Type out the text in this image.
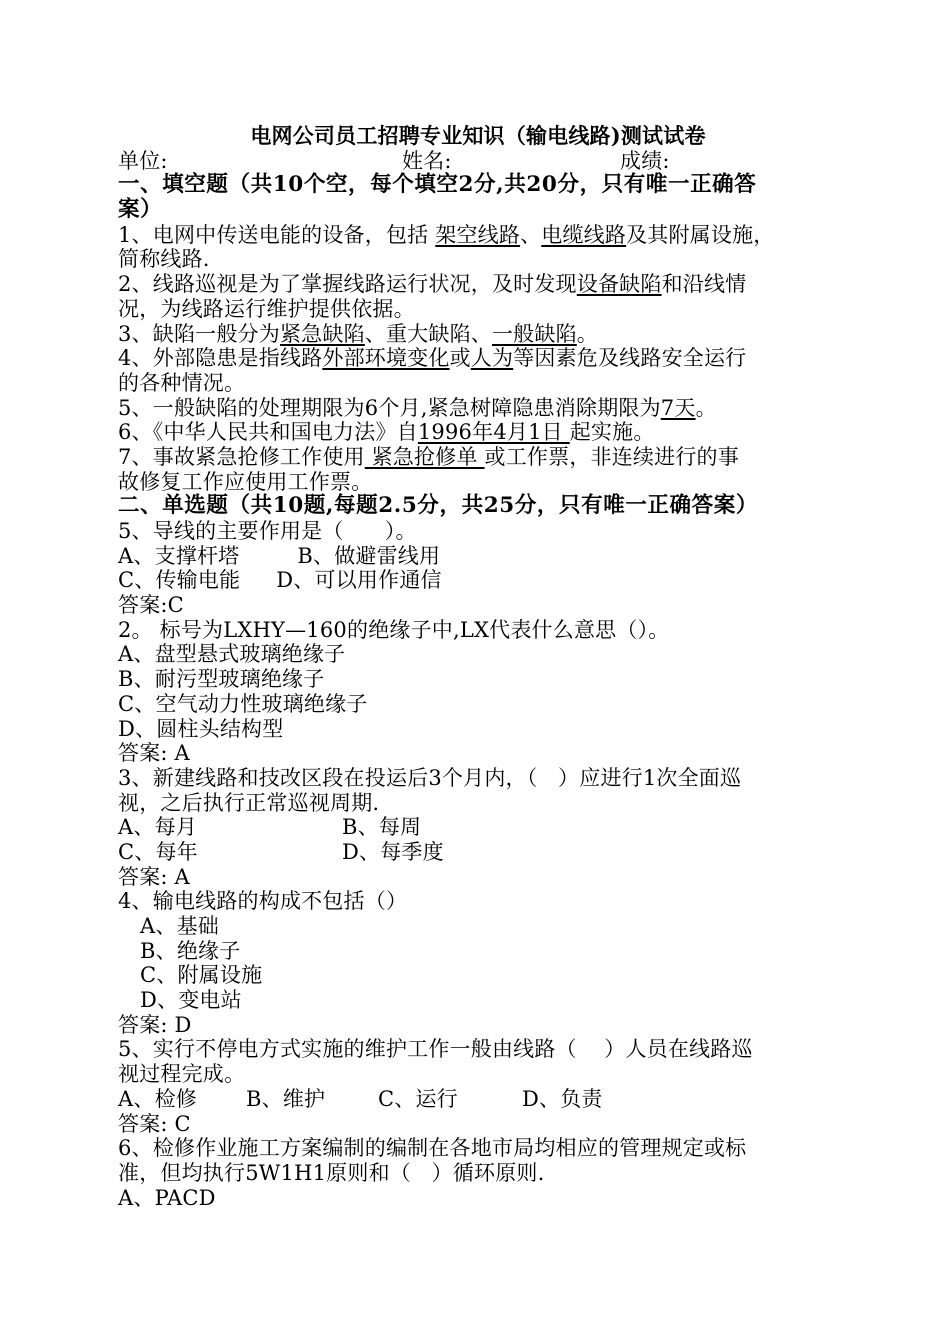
电网公司员工招聘专业知识（输电线路)测试试卷
单位:	姓名:	成绩:
一、填空题（共10个空，每个填空2分,共20分，只有唯一正确答
案）
1、电网中传送电能的设备，包括 架空线路、电缆线路及其附属设施，
简称线路.
2、线路巡视是为了掌握线路运行状况，及时发现设备缺陷和沿线情
况，为线路运行维护提供依据。
3、缺陷一般分为紧急缺陷、重大缺陷、一般缺陷。
4、外部隐患是指线路外部环境变化或人为等因素危及线路安全运行
的各种情况。
5、一般缺陷的处理期限为6个月,紧急树障隐患消除期限为7天。
6、《中华人民共和国电力法》自1996年4月1日 起实施。
7、事故紧急抢修工作使用 紧急抢修单 或工作票，非连续进行的事
故修复工作应使用工作票。
二、单选题（共10题,每题2.5分，共25分，只有唯一正确答案）
5、导线的主要作用是（      ）。
A、支撑杆塔	B、做避雷线用
C、传输电能 D、可以用作通信
答案:C
2。 标号为LXHY—160的绝缘子中,LX代表什么意思（）。
A、盘型悬式玻璃绝缘子
B、耐污型玻璃绝缘子
C、空气动力性玻璃绝缘子
D、圆柱头结构型
答案: A
3、新建线路和技改区段在投运后3个月内，（   ）应进行1次全面巡
视，之后执行正常巡视周期.
A、每月	B、每周
C、每年	D、每季度
答案: A
4、输电线路的构成不包括（）
A、基础
B、绝缘子
C、附属设施
D、变电站
答案: D
5、实行不停电方式实施的维护工作一般由线路（    ）人员在线路巡
视过程完成。
A、检修 B、维护	C、运行	D、负责
答案: C
6、检修作业施工方案编制的编制在各地市局均相应的管理规定或标
准，但均执行5W1H1原则和（   ）循环原则.
A、PACD
